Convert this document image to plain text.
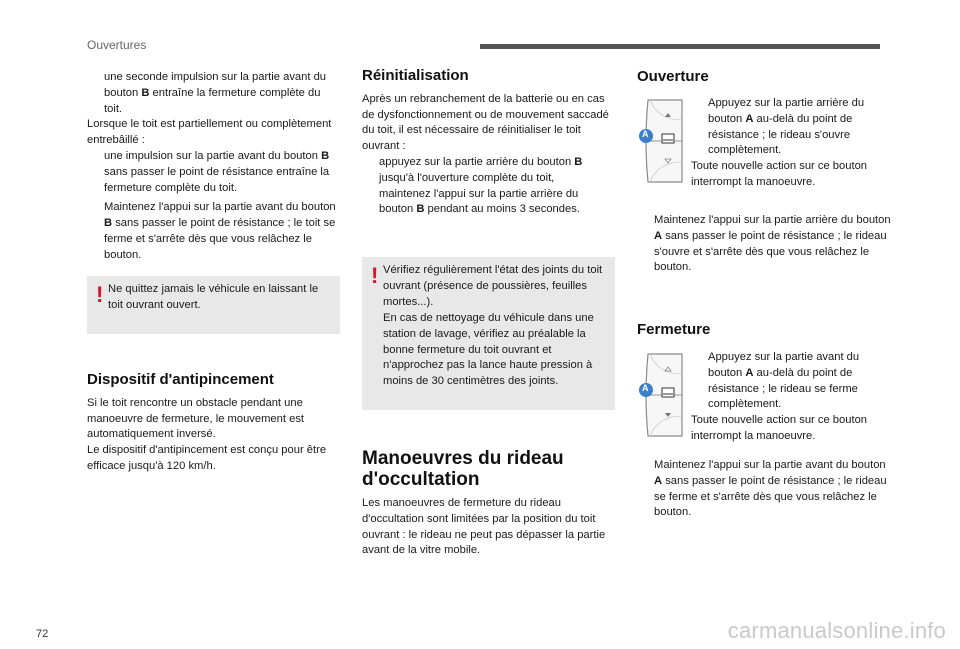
Ouvertures

une seconde impulsion sur la partie avant du bouton B entraîne la fermeture complète du toit.

Lorsque le toit est partiellement ou complètement entrebâillé :

une impulsion sur la partie avant du bouton B sans passer le point de résistance entraîne la fermeture complète du toit.

Maintenez l'appui sur la partie avant du bouton B sans passer le point de résistance ; le toit se ferme et s'arrête dès que vous relâchez le bouton.

! Ne quittez jamais le véhicule en laissant le toit ouvrant ouvert.

Dispositif d'antipincement

Si le toit rencontre un obstacle pendant une manoeuvre de fermeture, le mouvement est automatiquement inversé.

Le dispositif d'antipincement est conçu pour être efficace jusqu'à 120 km/h.

Réinitialisation

Après un rebranchement de la batterie ou en cas de dysfonctionnement ou de mouvement saccadé du toit, il est nécessaire de réinitialiser le toit ouvrant :

appuyez sur la partie arrière du bouton B jusqu'à l'ouverture complète du toit,

maintenez l'appui sur la partie arrière du bouton B pendant au moins 3 secondes.

! Vérifiez régulièrement l'état des joints du toit ouvrant (présence de poussières, feuilles mortes...).

En cas de nettoyage du véhicule dans une station de lavage, vérifiez au préalable la bonne fermeture du toit ouvrant et n'approchez pas la lance haute pression à moins de 30 centimètres des joints.

Manoeuvres du rideau d'occultation

Les manoeuvres de fermeture du rideau d'occultation sont limitées par la position du toit ouvrant : le rideau ne peut pas dépasser la partie avant de la vitre mobile.

Ouverture
A

Appuyez sur la partie arrière du bouton A au-delà du point de résistance ; le rideau s'ouvre complètement.

Toute nouvelle action sur ce bouton interrompt la manoeuvre.

Maintenez l'appui sur la partie arrière du bouton A sans passer le point de résistance ; le rideau s'ouvre et s'arrête dès que vous relâchez le bouton.

Fermeture
A

Appuyez sur la partie avant du bouton A au-delà du point de résistance ; le rideau se ferme complètement.

Toute nouvelle action sur ce bouton interrompt la manoeuvre.

Maintenez l'appui sur la partie avant du bouton A sans passer le point de résistance ; le rideau se ferme et s'arrête dès que vous relâchez le bouton.

72	carmanualsonline.info
